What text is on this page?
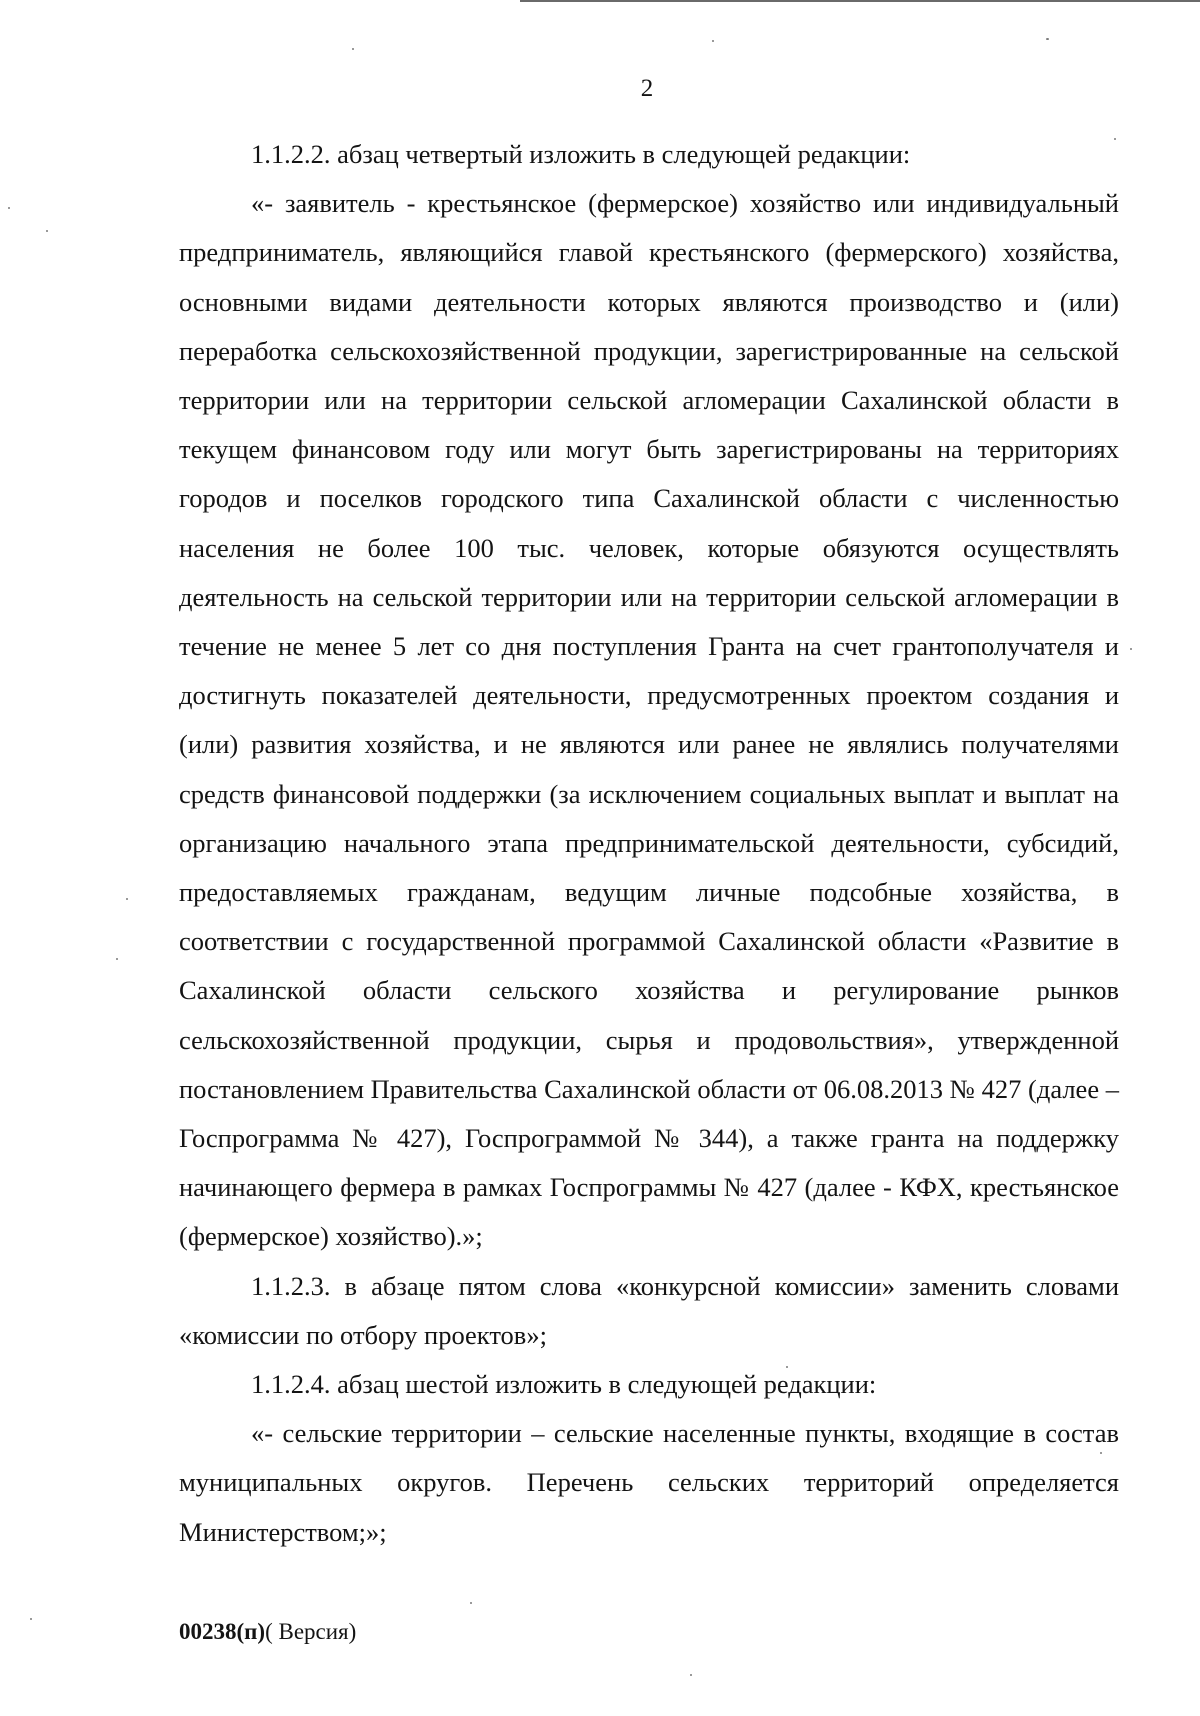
2

1.1.2.2. абзац четвертый изложить в следующей редакции:

«- заявитель - крестьянское (фермерское) хозяйство или индивидуальный предприниматель, являющийся главой крестьянского (фермерского) хозяйства, основными видами деятельности которых являются производство и (или) переработка сельскохозяйственной продукции, зарегистрированные на сельской территории или на территории сельской агломерации Сахалинской области в текущем финансовом году или могут быть зарегистрированы на территориях городов и поселков городского типа Сахалинской области с численностью населения не более 100 тыс. человек, которые обязуются осуществлять деятельность на сельской территории или на территории сельской агломерации в течение не менее 5 лет со дня поступления Гранта на счет грантополучателя и достигнуть показателей деятельности, предусмотренных проектом создания и (или) развития хозяйства, и не являются или ранее не являлись получателями средств финансовой поддержки (за исключением социальных выплат и выплат на организацию начального этапа предпринимательской деятельности, субсидий, предоставляемых гражданам, ведущим личные подсобные хозяйства, в соответствии с государственной программой Сахалинской области «Развитие в Сахалинской области сельского хозяйства и регулирование рынков сельскохозяйственной продукции, сырья и продовольствия», утвержденной постановлением Правительства Сахалинской области от 06.08.2013 № 427 (далее – Госпрограмма № 427), Госпрограммой № 344), а также гранта на поддержку начинающего фермера в рамках Госпрограммы № 427 (далее - КФХ, крестьянское (фермерское) хозяйство).»;

1.1.2.3. в абзаце пятом слова «конкурсной комиссии» заменить словами «комиссии по отбору проектов»;

1.1.2.4. абзац шестой изложить в следующей редакции:

«- сельские территории – сельские населенные пункты, входящие в состав муниципальных округов. Перечень сельских территорий определяется Министерством;»;

00238(п)( Версия)
